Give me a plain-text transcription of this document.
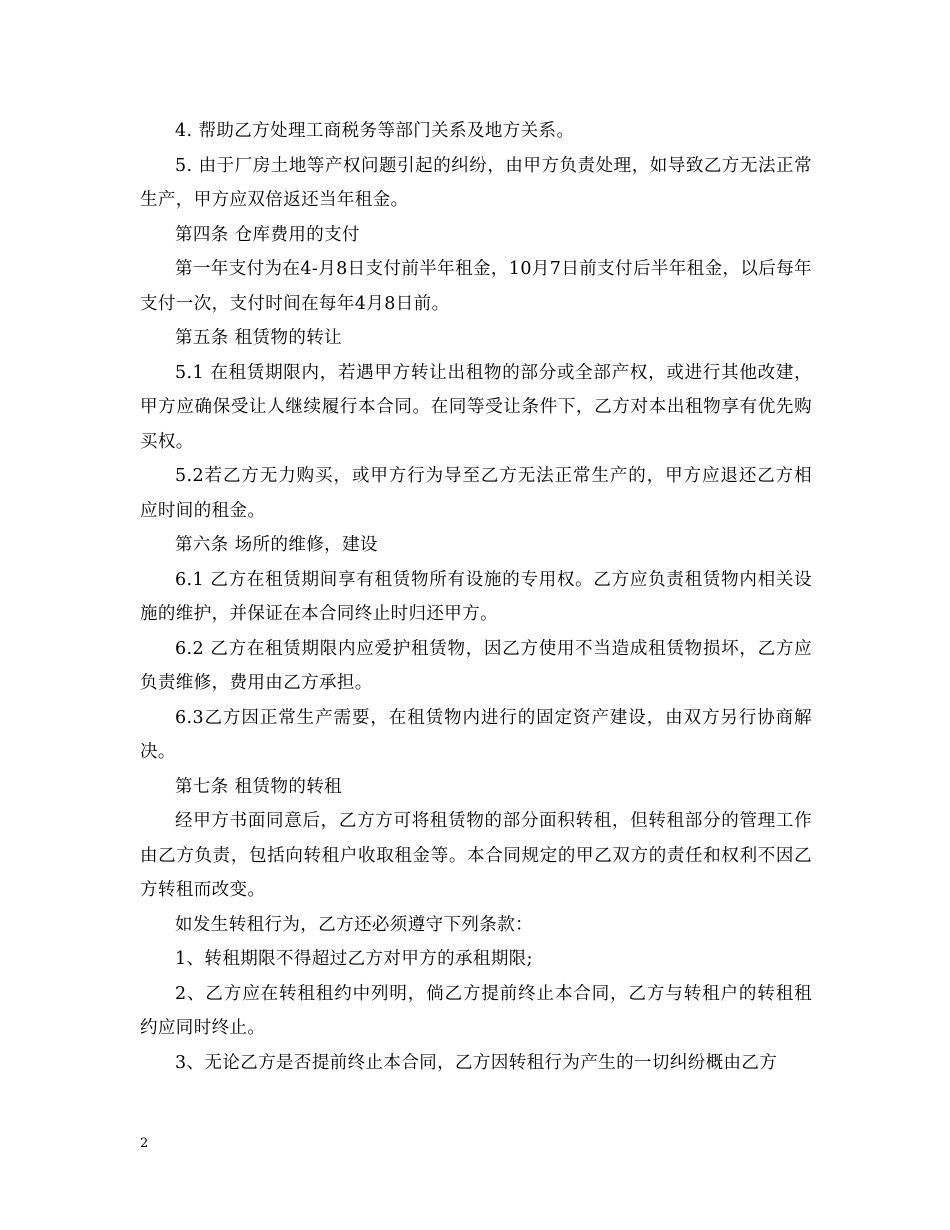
4. 帮助乙方处理工商税务等部门关系及地方关系。

5. 由于厂房土地等产权问题引起的纠纷，由甲方负责处理，如导致乙方无法正常生产，甲方应双倍返还当年租金。

第四条 仓库费用的支付

第一年支付为在4-月8日支付前半年租金，10月7日前支付后半年租金，以后每年支付一次，支付时间在每年4月8日前。

第五条 租赁物的转让

5.1 在租赁期限内，若遇甲方转让出租物的部分或全部产权，或进行其他改建，甲方应确保受让人继续履行本合同。在同等受让条件下，乙方对本出租物享有优先购买权。

5.2若乙方无力购买，或甲方行为导至乙方无法正常生产的，甲方应退还乙方相应时间的租金。

第六条 场所的维修，建设

6.1 乙方在租赁期间享有租赁物所有设施的专用权。乙方应负责租赁物内相关设施的维护，并保证在本合同终止时归还甲方。

6.2 乙方在租赁期限内应爱护租赁物，因乙方使用不当造成租赁物损坏，乙方应负责维修，费用由乙方承担。

6.3乙方因正常生产需要，在租赁物内进行的固定资产建设，由双方另行协商解决。

第七条 租赁物的转租

经甲方书面同意后，乙方方可将租赁物的部分面积转租，但转租部分的管理工作由乙方负责，包括向转租户收取租金等。本合同规定的甲乙双方的责任和权利不因乙方转租而改变。

如发生转租行为，乙方还必须遵守下列条款：

1、转租期限不得超过乙方对甲方的承租期限;

2、乙方应在转租租约中列明，倘乙方提前终止本合同，乙方与转租户的转租租约应同时终止。

3、无论乙方是否提前终止本合同，乙方因转租行为产生的一切纠纷概由乙方

2
